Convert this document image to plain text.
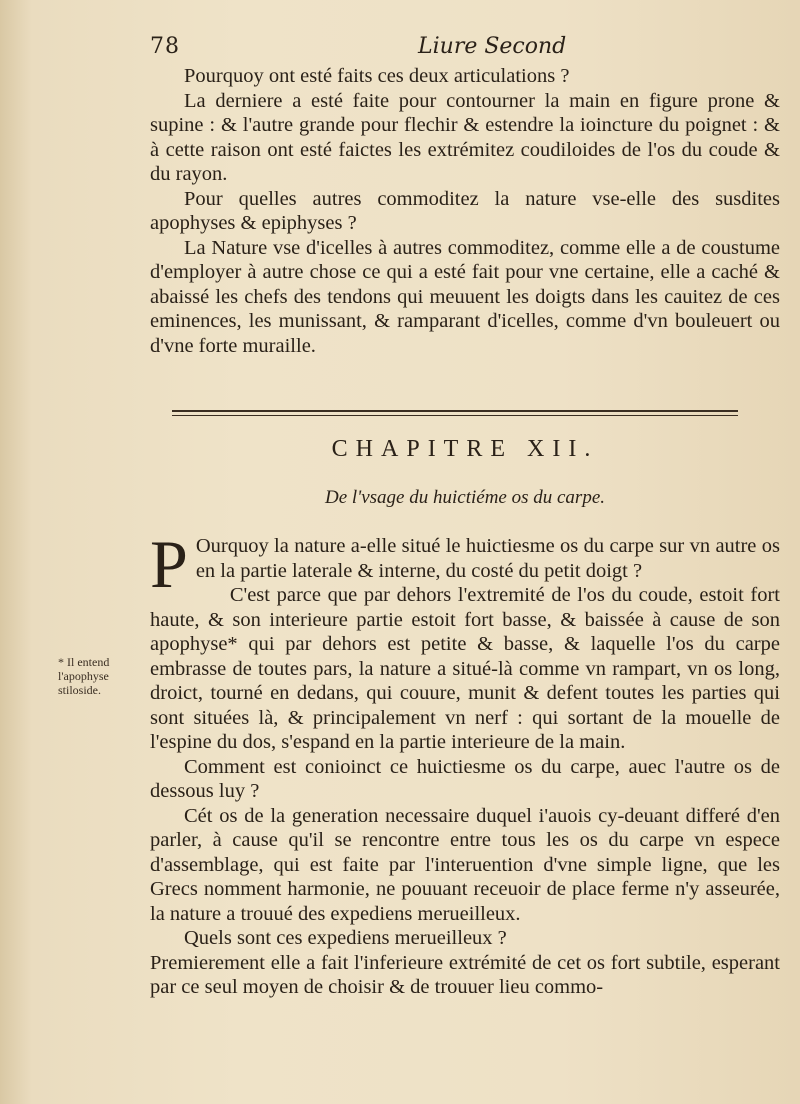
78	Liure Second

Pourquoy ont esté faits ces deux articulations ?

La derniere a esté faite pour contourner la main en figure prone & supine : & l'autre grande pour flechir & estendre la ioincture du poignet : & à cette raison ont esté faictes les extrémitez coudiloides de l'os du coude & du rayon.

Pour quelles autres commoditez la nature vse-elle des susdites apophyses & epiphyses ?

La Nature vse d'icelles à autres commoditez, comme elle a de coustume d'employer à autre chose ce qui a esté fait pour vne certaine, elle a caché & abaissé les chefs des tendons qui meuuent les doigts dans les cauitez de ces eminences, les munissant, & ramparant d'icelles, comme d'vn bouleuert ou d'vne forte muraille.

CHAPITRE XII.
De l'vsage du huictiéme os du carpe.

P Ourquoy la nature a-elle situé le huictiesme os du carpe sur vn autre os en la partie laterale & interne, du costé du petit doigt ?

C'est parce que par dehors l'extremité de l'os du coude, estoit fort haute, & son interieure partie estoit fort basse, & baissée à cause de son apophyse* qui par dehors est petite & basse, & laquelle l'os du carpe embrasse de toutes pars, la nature a situé-là comme vn rampart, vn os long, droict, tourné en dedans, qui couure, munit & defent toutes les parties qui sont situées là, & principalement vn nerf : qui sortant de la mouelle de l'espine du dos, s'espand en la partie interieure de la main.

Comment est conioinct ce huictiesme os du carpe, auec l'autre os de dessous luy ?

Cét os de la generation necessaire duquel i'auois cy-deuant differé d'en parler, à cause qu'il se rencontre entre tous les os du carpe vn espece d'assemblage, qui est faite par l'interuention d'vne simple ligne, que les Grecs nomment harmonie, ne pouuant receuoir de place ferme n'y asseurée, la nature a trouué des expediens merueilleux.

Quels sont ces expediens merueilleux ?

Premierement elle a fait l'inferieure extrémité de cet os fort subtile, esperant par ce seul moyen de choisir & de trouuer lieu commo-

* Il entend l'apophyse stiloside.
